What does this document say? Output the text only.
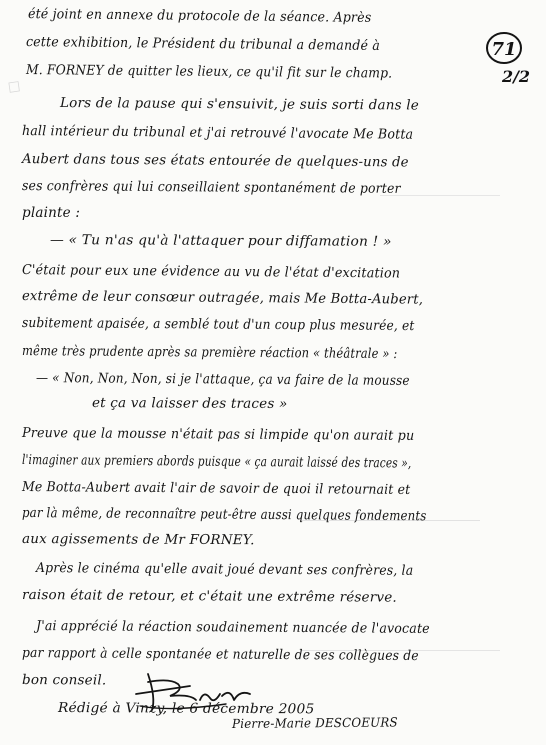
☐
été joint en annexe du protocole de la séance. Après
cette exhibition, le Président du tribunal a demandé à
M. FORNEY de quitter les lieux, ce qu'il fit sur le champ.
Lors de la pause qui s'ensuivit, je suis sorti dans le
hall intérieur du tribunal et j'ai retrouvé l'avocate Me Botta
Aubert dans tous ses états entourée de quelques-uns de
ses confrères qui lui conseillaient spontanément de porter
plainte :
— « Tu n'as qu'à l'attaquer pour diffamation ! »
C'était pour eux une évidence au vu de l'état d'excitation
extrême de leur consœur outragée, mais Me Botta-Aubert,
subitement apaisée, a semblé tout d'un coup plus mesurée, et
même très prudente après sa première réaction « théâtrale » :
— « Non, Non, Non, si je l'attaque, ça va faire de la mousse
et ça va laisser des traces »
Preuve que la mousse n'était pas si limpide qu'on aurait pu
l'imaginer aux premiers abords puisque « ça aurait laissé des traces »,
Me Botta-Aubert avait l'air de savoir de quoi il retournait et
par là même, de reconnaître peut-être aussi quelques fondements
aux agissements de Mr FORNEY.
Après le cinéma qu'elle avait joué devant ses confrères, la
raison était de retour, et c'était une extrême réserve.
J'ai apprécié la réaction soudainement nuancée de l'avocate
par rapport à celle spontanée et naturelle de ses collègues de
bon conseil.
Rédigé à Vinzy, le 6 décembre 2005
71
2/2
Pierre-Marie DESCOEURS
